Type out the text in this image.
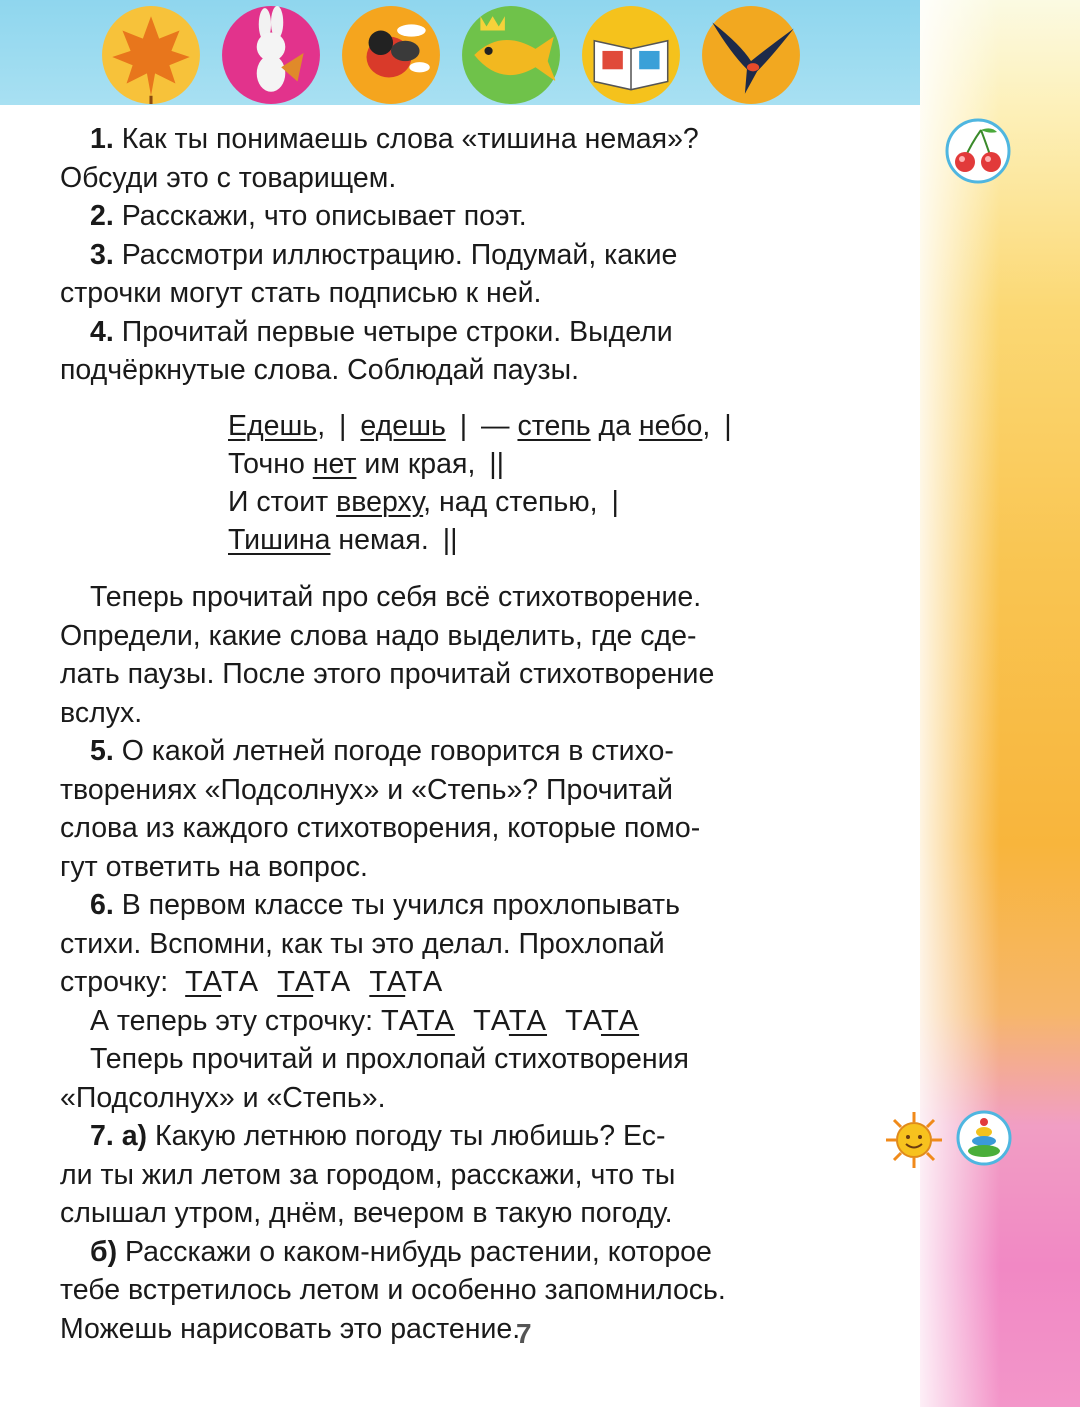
1. Как ты понимаешь слова «тишина немая»?
Обсуди это с товарищем.
2. Расскажи, что описывает поэт.
3. Рассмотри иллюстрацию. Подумай, какие
строчки могут стать подписью к ней.
4. Прочитай первые четыре строки. Выдели
подчёркнутые слова. Соблюдай паузы.
Едешь, | едешь | — степь да небо, |
Точно нет им края, ||
И стоит вверху, над степью, |
Тишина немая. ||
Теперь прочитай про себя всё стихотворение.
Определи, какие слова надо выделить, где сде-
лать паузы. После этого прочитай стихотворение
вслух.
5. О какой летней погоде говорится в стихо-
творениях «Подсолнух» и «Степь»? Прочитай
слова из каждого стихотворения, которые помо-
гут ответить на вопрос.
6. В первом классе ты учился прохлопывать
стихи. Вспомни, как ты это делал. Прохлопай
строчку: ТАТА ТАТА ТАТА
А теперь эту строчку: ТАТА ТАТА ТАТА
Теперь прочитай и прохлопай стихотворения
«Подсолнух» и «Степь».
7. а) Какую летнюю погоду ты любишь? Ес-
ли ты жил летом за городом, расскажи, что ты
слышал утром, днём, вечером в такую погоду.
б) Расскажи о каком-нибудь растении, которое
тебе встретилось летом и особенно запомнилось.
Можешь нарисовать это растение.
7
